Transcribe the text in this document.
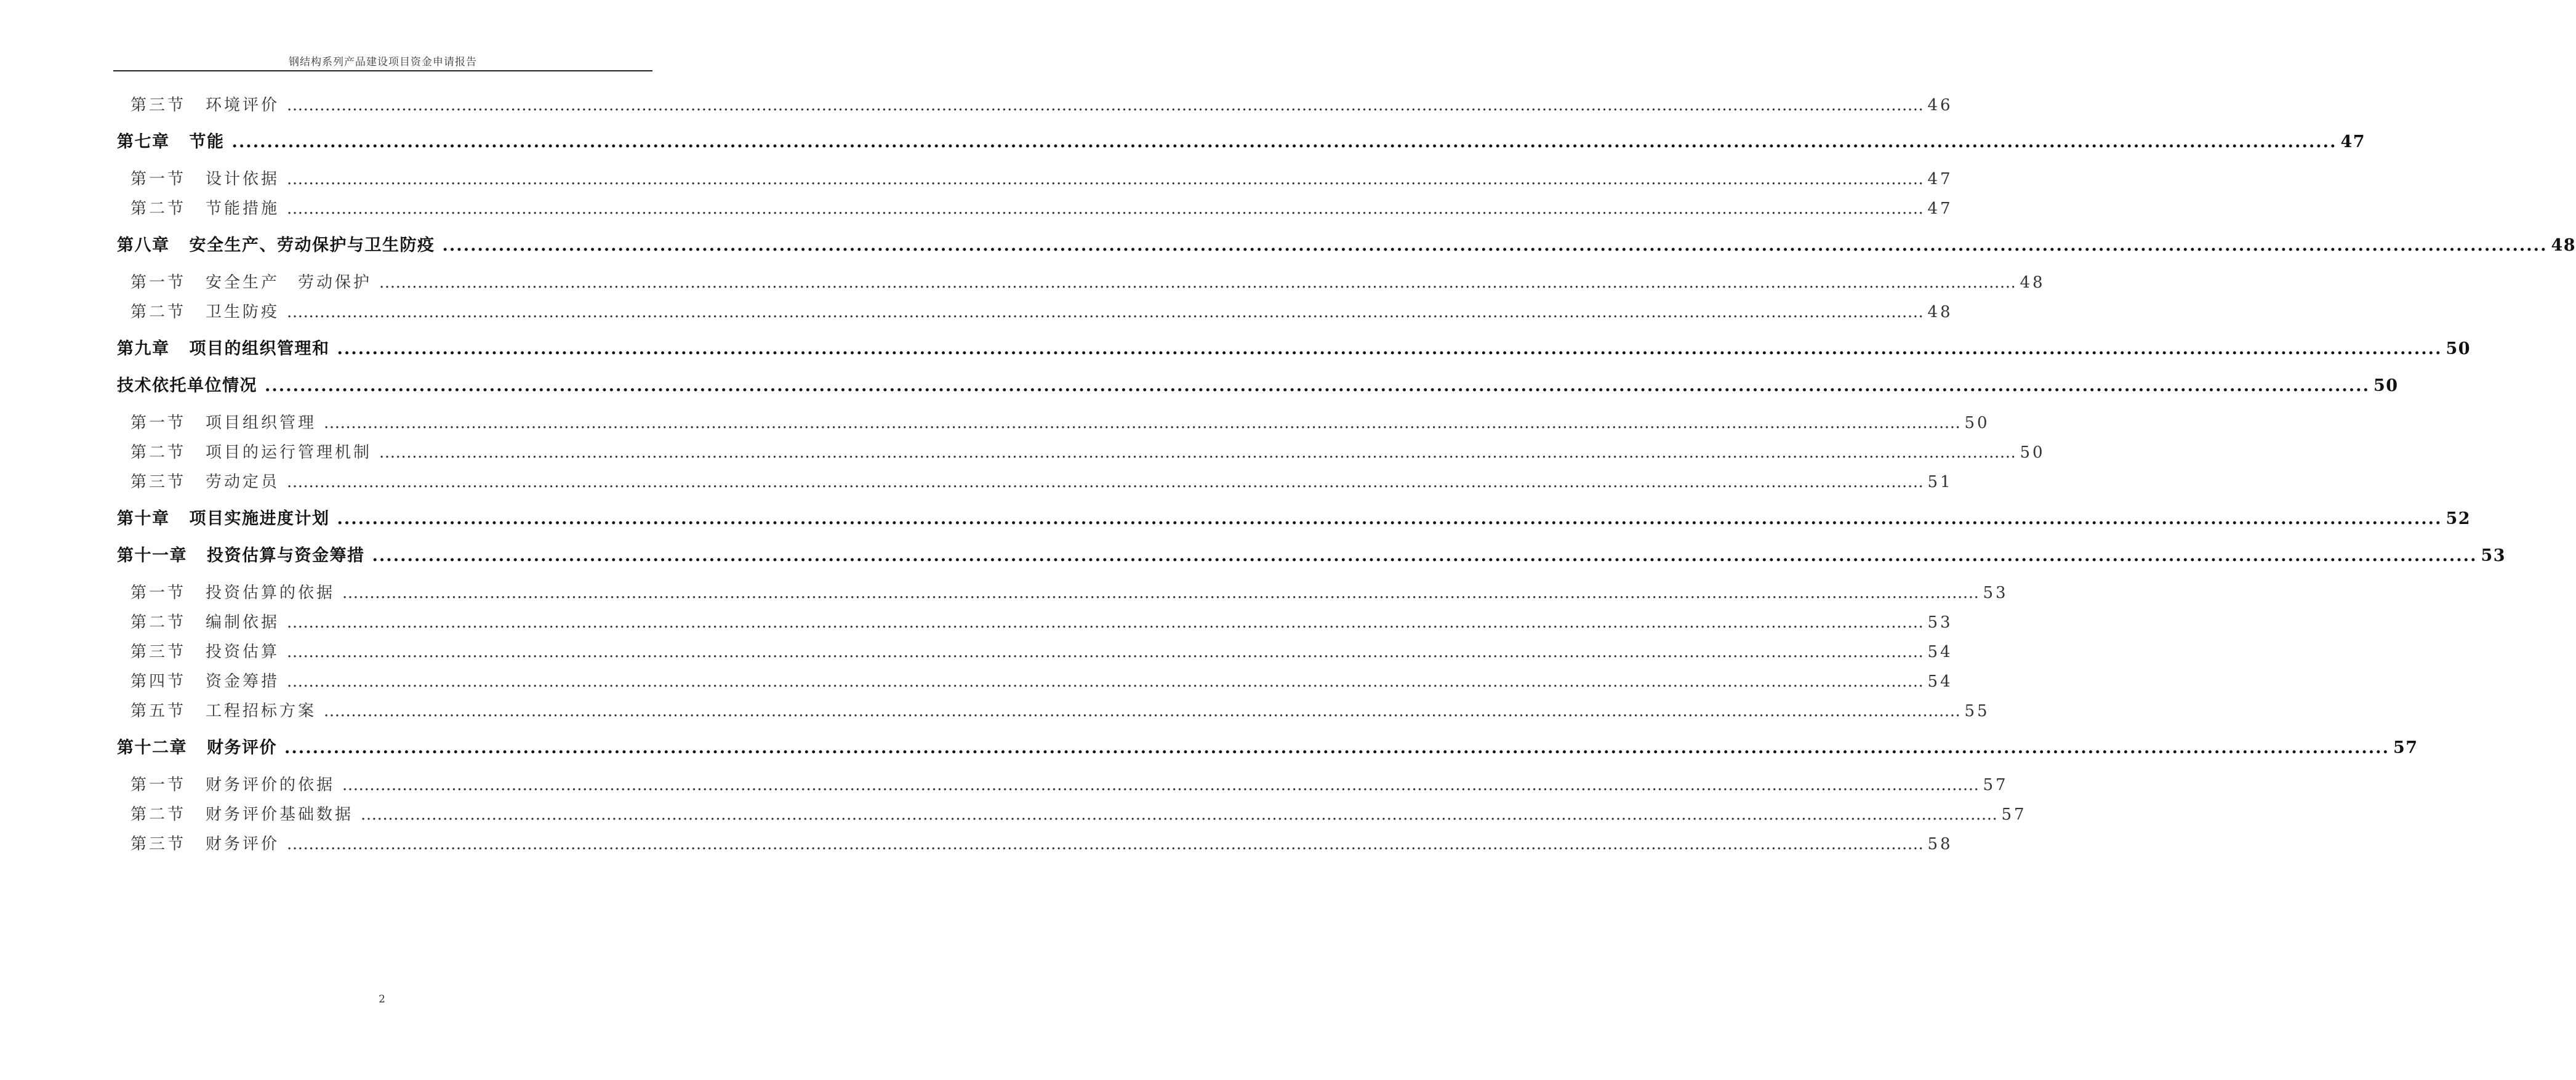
钢结构系列产品建设项目资金申请报告
第三节 环境评价 ............................................................................................................................................................................................................................................................................................................ 46
第七章 节能 ............................................................................................................................................................................................................................................................................................................ 47
第一节 设计依据 ............................................................................................................................................................................................................................................................................................................ 47
第二节 节能措施 ............................................................................................................................................................................................................................................................................................................ 47
第八章 安全生产、劳动保护与卫生防疫 ............................................................................................................................................................................................................................................................................................................ 48
第一节 安全生产　劳动保护 ............................................................................................................................................................................................................................................................................................................ 48
第二节 卫生防疫 ............................................................................................................................................................................................................................................................................................................ 48
第九章 项目的组织管理和 ............................................................................................................................................................................................................................................................................................................ 50
技术依托单位情况 ............................................................................................................................................................................................................................................................................................................ 50
第一节 项目组织管理 ............................................................................................................................................................................................................................................................................................................ 50
第二节 项目的运行管理机制 ............................................................................................................................................................................................................................................................................................................ 50
第三节 劳动定员 ............................................................................................................................................................................................................................................................................................................ 51
第十章 项目实施进度计划 ............................................................................................................................................................................................................................................................................................................ 52
第十一章 投资估算与资金筹措 ............................................................................................................................................................................................................................................................................................................ 53
第一节 投资估算的依据 ............................................................................................................................................................................................................................................................................................................ 53
第二节 编制依据 ............................................................................................................................................................................................................................................................................................................ 53
第三节 投资估算 ............................................................................................................................................................................................................................................................................................................ 54
第四节 资金筹措 ............................................................................................................................................................................................................................................................................................................ 54
第五节 工程招标方案 ............................................................................................................................................................................................................................................................................................................ 55
第十二章 财务评价 ............................................................................................................................................................................................................................................................................................................ 57
第一节 财务评价的依据 ............................................................................................................................................................................................................................................................................................................ 57
第二节 财务评价基础数据 ............................................................................................................................................................................................................................................................................................................ 57
第三节 财务评价 ............................................................................................................................................................................................................................................................................................................ 58
2
